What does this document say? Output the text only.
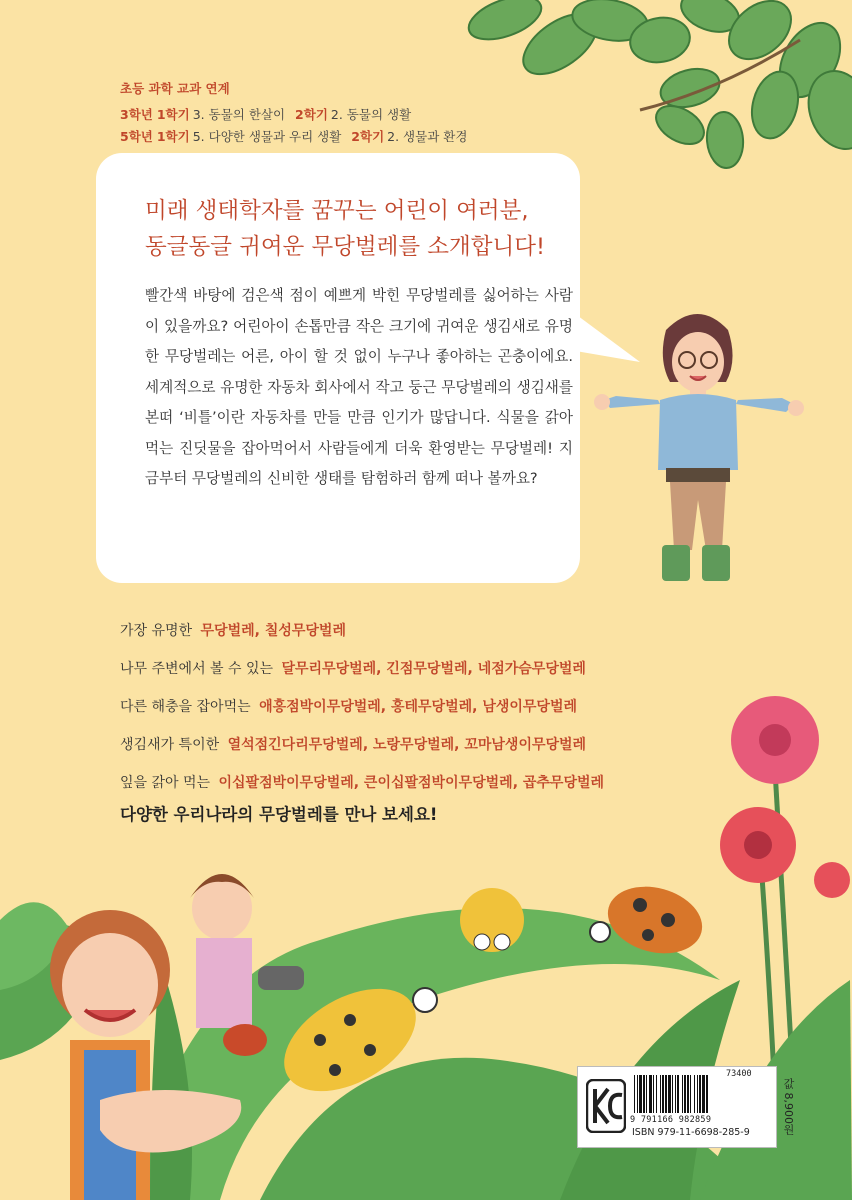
초등 과학 교과 연계
3학년 1학기 3. 동물의 한살이 2학기 2. 동물의 생활
5학년 1학기 5. 다양한 생물과 우리 생활 2학기 2. 생물과 환경
미래 생태학자를 꿈꾸는 어린이 여러분,
동글동글 귀여운 무당벌레를 소개합니다!
빨간색 바탕에 검은색 점이 예쁘게 박힌 무당벌레를 싫어하는 사람이 있을까요? 어린아이 손톱만큼 작은 크기에 귀여운 생김새로 유명한 무당벌레는 어른, 아이 할 것 없이 누구나 좋아하는 곤충이에요. 세계적으로 유명한 자동차 회사에서 작고 둥근 무당벌레의 생김새를 본떠 ‘비틀’이란 자동차를 만들 만큼 인기가 많답니다. 식물을 갉아 먹는 진딧물을 잡아먹어서 사람들에게 더욱 환영받는 무당벌레! 지금부터 무당벌레의 신비한 생태를 탐험하러 함께 떠나 볼까요?
가장 유명한 무당벌레, 칠성무당벌레
나무 주변에서 볼 수 있는 달무리무당벌레, 긴점무당벌레, 네점가슴무당벌레
다른 해충을 잡아먹는 애홍점박이무당벌레, 홍테무당벌레, 남생이무당벌레
생김새가 특이한 열석점긴다리무당벌레, 노랑무당벌레, 꼬마남생이무당벌레
잎을 갉아 먹는 이십팔점박이무당벌레, 큰이십팔점박이무당벌레, 곱추무당벌레
다양한 우리나라의 무당벌레를 만나 보세요!
73400
9 791166 982859
ISBN 979-11-6698-285-9	값 8,900원
